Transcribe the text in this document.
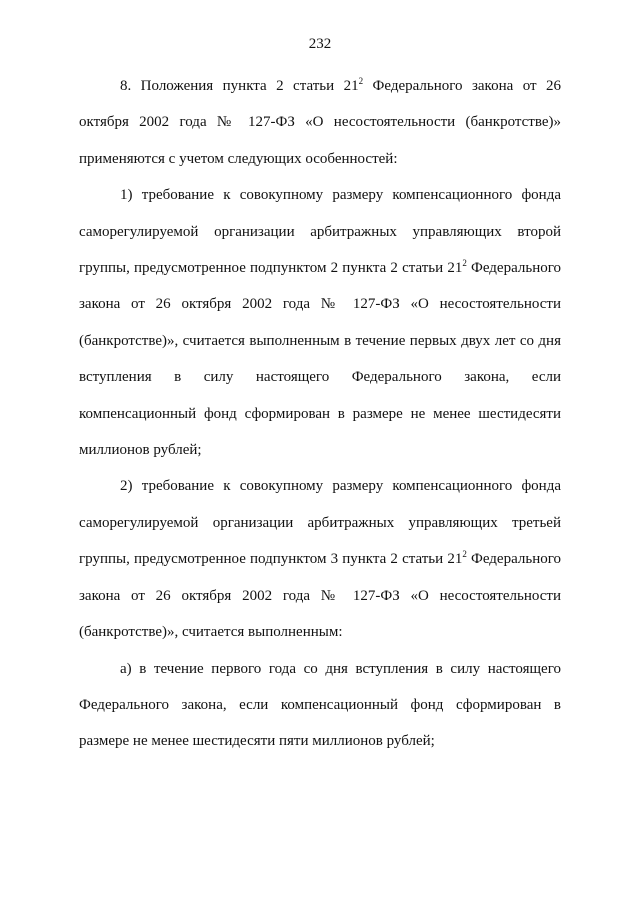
232

8. Положения пункта 2 статьи $21^2$ Федерального закона от 26
октября 2002 года № 127-ФЗ «О несостоятельности (банкротстве)»
применяются с учетом следующих особенностей:

1) требование к совокупному размеру компенсационного фонда
саморегулируемой организации арбитражных управляющих второй
группы, предусмотренное подпунктом 2 пункта 2 статьи $21^2$ Федерального
закона от 26 октября 2002 года № 127-ФЗ «О несостоятельности
(банкротстве)», считается выполненным в течение первых двух лет со дня
вступления в силу настоящего Федерального закона, если
компенсационный фонд сформирован в размере не менее шестидесяти
миллионов рублей;

2) требование к совокупному размеру компенсационного фонда
саморегулируемой организации арбитражных управляющих третьей
группы, предусмотренное подпунктом 3 пункта 2 статьи $21^2$ Федерального
закона от 26 октября 2002 года № 127-ФЗ «О несостоятельности
(банкротстве)», считается выполненным:

а) в течение первого года со дня вступления в силу настоящего
Федерального закона, если компенсационный фонд сформирован в
размере не менее шестидесяти пяти миллионов рублей;
